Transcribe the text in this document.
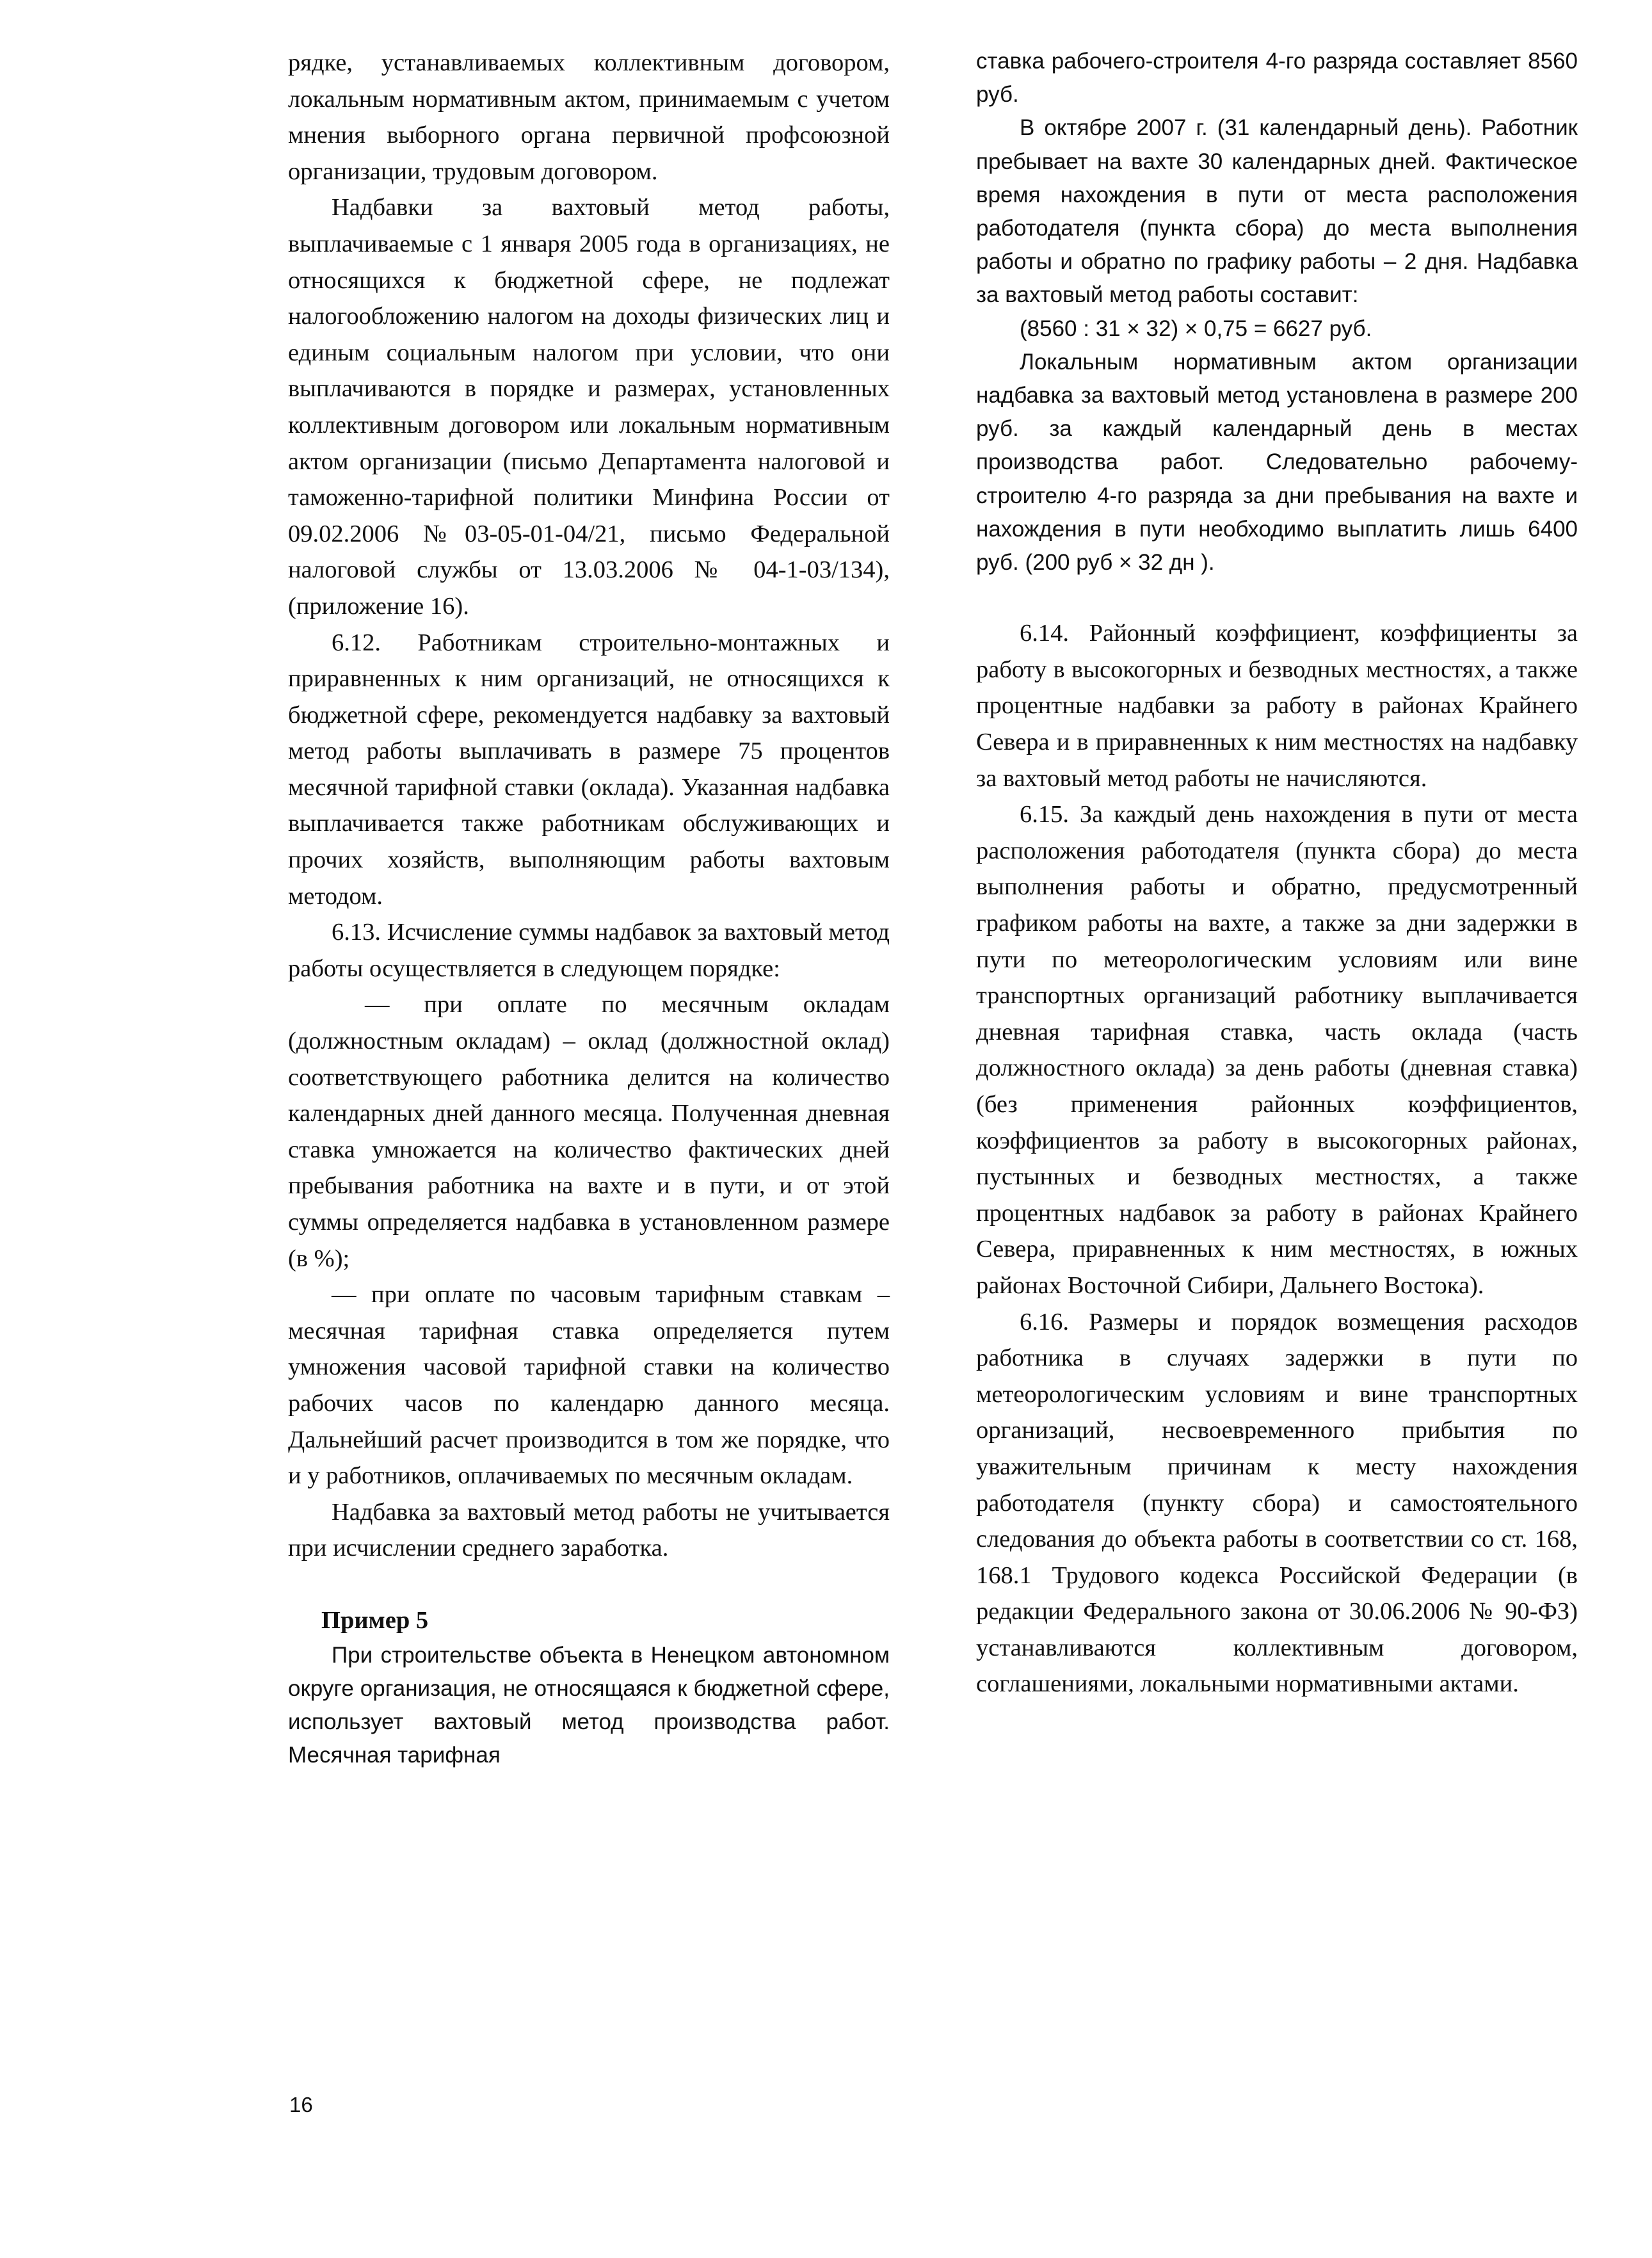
рядке, устанавливаемых коллективным договором, локальным нормативным актом, принимаемым с учетом мнения выборного органа первичной профсоюзной организации, трудовым договором.

Надбавки за вахтовый метод работы, выплачиваемые с 1 января 2005 года в организациях, не относящихся к бюджетной сфере, не подлежат налогообложению налогом на доходы физических лиц и единым социальным налогом при условии, что они выплачиваются в порядке и размерах, установленных коллективным договором или локальным нормативным актом организации (письмо Департамента налоговой и таможенно-тарифной политики Минфина России от 09.02.2006 №03-05-01-04/21, письмо Федеральной налоговой службы от 13.03.2006 № 04-1-03/134), (приложение 16).

6.12. Работникам строительно-монтажных и приравненных к ним организаций, не относящихся к бюджетной сфере, рекомендуется надбавку за вахтовый метод работы выплачивать в размере 75 процентов месячной тарифной ставки (оклада). Указанная надбавка выплачивается также работникам обслуживающих и прочих хозяйств, выполняющим работы вахтовым методом.

6.13. Исчисление суммы надбавок за вахтовый метод работы осуществляется в следующем порядке:

— при оплате по месячным окладам (должностным окладам) – оклад (должностной оклад) соответствующего работника делится на количество календарных дней данного месяца. Полученная дневная ставка умножается на количество фактических дней пребывания работника на вахте и в пути, и от этой суммы определяется надбавка в установленном размере (в %);

— при оплате по часовым тарифным ставкам – месячная тарифная ставка определяется путем умножения часовой тарифной ставки на количество рабочих часов по календарю данного месяца. Дальнейший расчет производится в том же порядке, что и у работников, оплачиваемых по месячным окладам.

Надбавка за вахтовый метод работы не учитывается при исчислении среднего заработка.

Пример 5

При строительстве объекта в Ненецком автономном округе организация, не относящаяся к бюджетной сфере, использует вахтовый метод производства работ. Месячная тарифная

ставка рабочего-строителя 4-го разряда составляет 8560 руб.

В октябре 2007 г. (31 календарный день). Работник пребывает на вахте 30 календарных дней. Фактическое время нахождения в пути от места расположения работодателя (пункта сбора) до места выполнения работы и обратно по графику работы – 2 дня. Надбавка за вахтовый метод работы составит:

(8560 : 31 × 32) × 0,75 = 6627 руб.

Локальным нормативным актом организации надбавка за вахтовый метод установлена в размере 200 руб. за каждый календарный день в местах производства работ. Следовательно рабочему-строителю 4-го разряда за дни пребывания на вахте и нахождения в пути необходимо выплатить лишь 6400 руб. (200 руб × 32 дн ).

6.14. Районный коэффициент, коэффициенты за работу в высокогорных и безводных местностях, а также процентные надбавки за работу в районах Крайнего Севера и в приравненных к ним местностях на надбавку за вахтовый метод работы не начисляются.

6.15. За каждый день нахождения в пути от места расположения работодателя (пункта сбора) до места выполнения работы и обратно, предусмотренный графиком работы на вахте, а также за дни задержки в пути по метеорологическим условиям или вине транспортных организаций работнику выплачивается дневная тарифная ставка, часть оклада (часть должностного оклада) за день работы (дневная ставка) (без применения районных коэффициентов, коэффициентов за работу в высокогорных районах, пустынных и безводных местностях, а также процентных надбавок за работу в районах Крайнего Севера, приравненных к ним местностях, в южных районах Восточной Сибири, Дальнего Востока).

6.16. Размеры и порядок возмещения расходов работника в случаях задержки в пути по метеорологическим условиям и вине транспортных организаций, несвоевременного прибытия по уважительным причинам к месту нахождения работодателя (пункту сбора) и самостоятельного следования до объекта работы в соответствии со ст. 168, 168.1 Трудового кодекса Российской Федерации (в редакции Федерального закона от 30.06.2006 № 90-ФЗ) устанавливаются коллективным договором, соглашениями, локальными нормативными актами.

16
